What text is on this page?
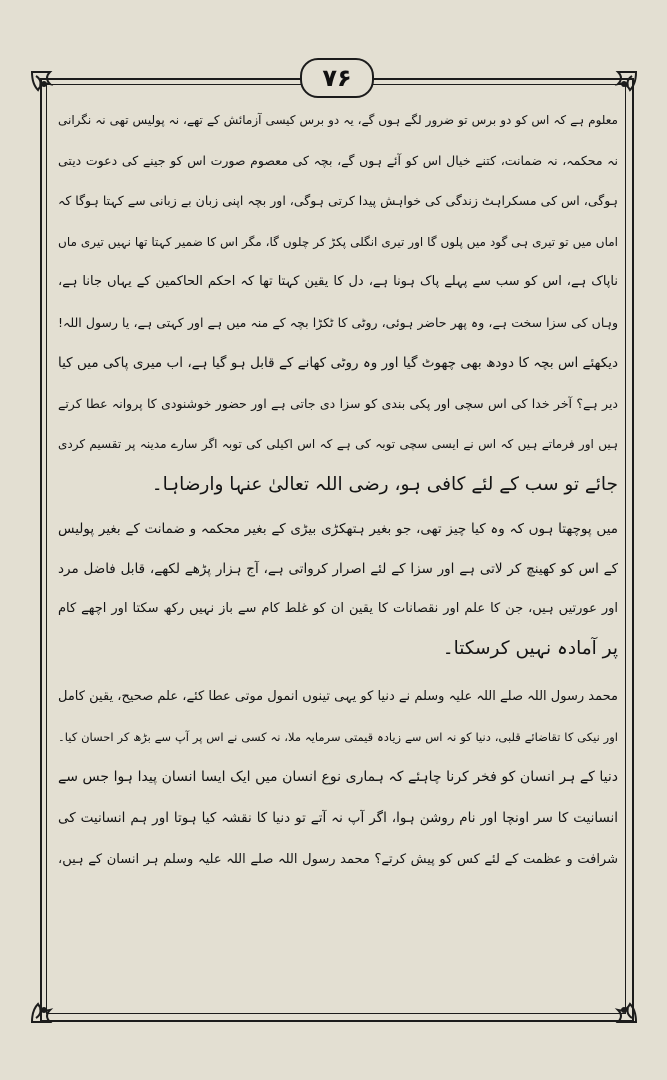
۷۶
معلوم ہے کہ اس کو دو برس تو ضرور لگے ہوں گے، یہ دو برس کیسی آزمائش کے تھے، نہ پولیس تھی نہ نگرانی
نہ محکمہ، نہ ضمانت، کتنے خیال اس کو آئے ہوں گے، بچہ کی معصوم صورت اس کو جینے کی دعوت دیتی
ہوگی، اس کی مسکراہٹ زندگی کی خواہش پیدا کرتی ہوگی، اور بچہ اپنی زبان بے زبانی سے کہتا ہوگا کہ
اماں میں تو تیری ہی گود میں پلوں گا اور تیری انگلی پکڑ کر چلوں گا، مگر اس کا ضمیر کہتا تھا نہیں تیری ماں
ناپاک ہے، اس کو سب سے پہلے پاک ہونا ہے، دل کا یقین کہتا تھا کہ احکم الحاکمین کے یہاں جانا ہے،
وہاں کی سزا سخت ہے، وہ پھر حاضر ہوئی، روٹی کا ٹکڑا بچہ کے منہ میں ہے اور کہتی ہے، یا رسول اللہ!
دیکھئے اس بچہ کا دودھ بھی چھوٹ گیا اور وہ روٹی کھانے کے قابل ہو گیا ہے، اب میری پاکی میں کیا
دیر ہے؟ آخر خدا کی اس سچی اور پکی بندی کو سزا دی جاتی ہے اور حضور خوشنودی کا پروانہ عطا کرتے
ہیں اور فرماتے ہیں کہ اس نے ایسی سچی توبہ کی ہے کہ اس اکیلی کی توبہ اگر سارے مدینہ پر تقسیم کردی
جائے تو سب کے لئے کافی ہو، رضی اللہ تعالیٰ عنہا وارضاہا۔
میں پوچھتا ہوں کہ وہ کیا چیز تھی، جو بغیر ہتھکڑی بیڑی کے بغیر محکمہ و ضمانت کے بغیر پولیس
کے اس کو کھینچ کر لاتی ہے اور سزا کے لئے اصرار کرواتی ہے، آج ہزار پڑھے لکھے، قابل فاضل مرد
اور عورتیں ہیں، جن کا علم اور نقصانات کا یقین ان کو غلط کام سے باز نہیں رکھ سکتا اور اچھے کام
پر آمادہ نہیں کرسکتا۔
محمد رسول اللہ صلے اللہ علیہ وسلم نے دنیا کو یہی تینوں انمول موتی عطا کئے، علم صحیح، یقین کامل
اور نیکی کا تقاضائے قلبی، دنیا کو نہ اس سے زیادہ قیمتی سرمایہ ملا، نہ کسی نے اس پر آپ سے بڑھ کر احسان کیا۔
دنیا کے ہر انسان کو فخر کرنا چاہئے کہ ہماری نوع انسان میں ایک ایسا انسان پیدا ہوا جس سے
انسانیت کا سر اونچا اور نام روشن ہوا، اگر آپ نہ آتے تو دنیا کا نقشہ کیا ہوتا اور ہم انسانیت کی
شرافت و عظمت کے لئے کس کو پیش کرتے؟ محمد رسول اللہ صلے اللہ علیہ وسلم ہر انسان کے ہیں،
